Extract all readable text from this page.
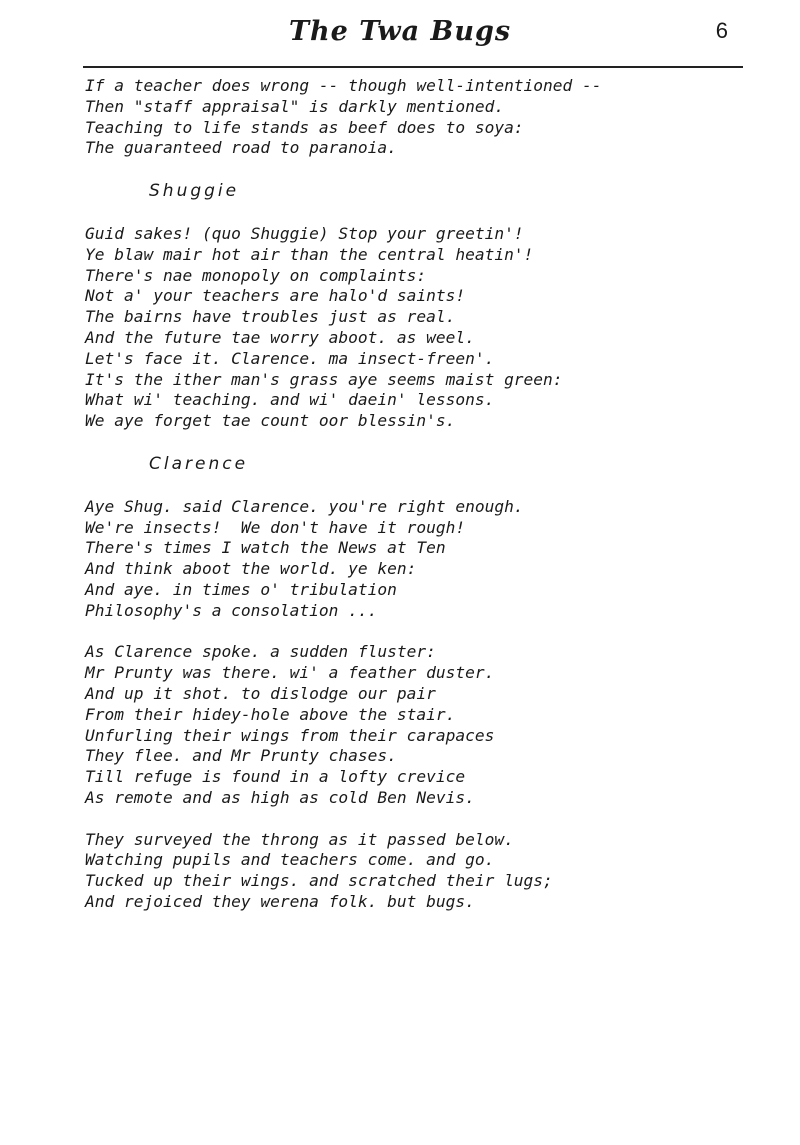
The Twa Bugs	6
If a teacher does wrong -- though well-intentioned --
Then "staff appraisal" is darkly mentioned.
Teaching to life stands as beef does to soya:
The guaranteed road to paranoia.
Shuggie
Guid sakes! (quo Shuggie) Stop your greetin'!
Ye blaw mair hot air than the central heatin'!
There's nae monopoly on complaints:
Not a' your teachers are halo'd saints!
The bairns have troubles just as real.
And the future tae worry aboot. as weel.
Let's face it. Clarence. ma insect-freen'.
It's the ither man's grass aye seems maist green:
What wi' teaching. and wi' daein' lessons.
We aye forget tae count oor blessin's.
Clarence
Aye Shug. said Clarence. you're right enough.
We're insects!  We don't have it rough!
There's times I watch the News at Ten
And think aboot the world. ye ken:
And aye. in times o' tribulation
Philosophy's a consolation ...
As Clarence spoke. a sudden fluster:
Mr Prunty was there. wi' a feather duster.
And up it shot. to dislodge our pair
From their hidey-hole above the stair.
Unfurling their wings from their carapaces
They flee. and Mr Prunty chases.
Till refuge is found in a lofty crevice
As remote and as high as cold Ben Nevis.
They surveyed the throng as it passed below.
Watching pupils and teachers come. and go.
Tucked up their wings. and scratched their lugs;
And rejoiced they werena folk. but bugs.
